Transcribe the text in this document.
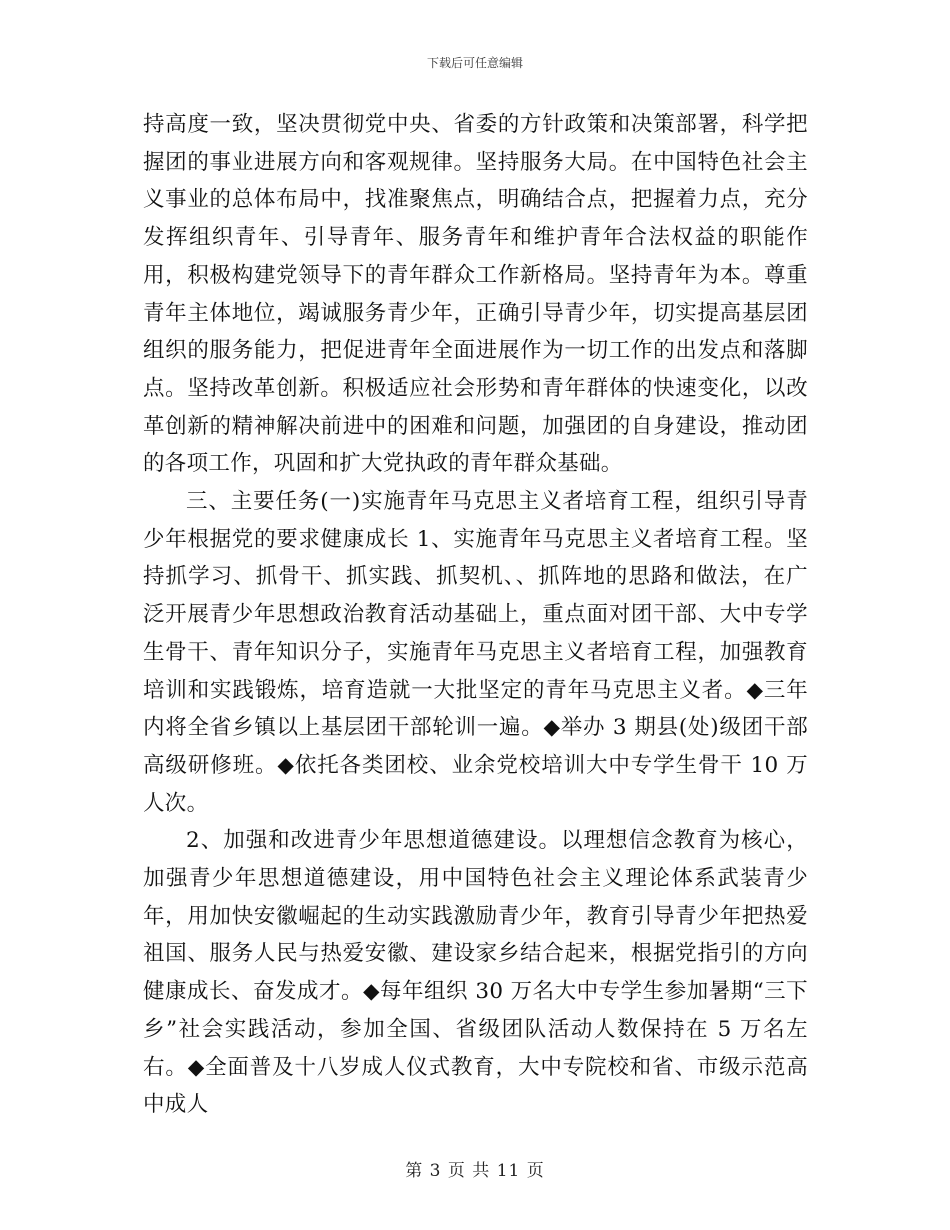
下载后可任意编辑

持高度一致，坚决贯彻党中央、省委的方针政策和决策部署，科学把握团的事业进展方向和客观规律。坚持服务大局。在中国特色社会主义事业的总体布局中，找准聚焦点，明确结合点，把握着力点，充分发挥组织青年、引导青年、服务青年和维护青年合法权益的职能作用，积极构建党领导下的青年群众工作新格局。坚持青年为本。尊重青年主体地位，竭诚服务青少年，正确引导青少年，切实提高基层团组织的服务能力，把促进青年全面进展作为一切工作的出发点和落脚点。坚持改革创新。积极适应社会形势和青年群体的快速变化，以改革创新的精神解决前进中的困难和问题，加强团的自身建设，推动团的各项工作，巩固和扩大党执政的青年群众基础。

三、主要任务(一)实施青年马克思主义者培育工程，组织引导青少年根据党的要求健康成长 1、实施青年马克思主义者培育工程。坚持抓学习、抓骨干、抓实践、抓契机、、抓阵地的思路和做法，在广泛开展青少年思想政治教育活动基础上，重点面对团干部、大中专学生骨干、青年知识分子，实施青年马克思主义者培育工程，加强教育培训和实践锻炼，培育造就一大批坚定的青年马克思主义者。◆三年内将全省乡镇以上基层团干部轮训一遍。◆举办 3 期县(处)级团干部高级研修班。◆依托各类团校、业余党校培训大中专学生骨干 10 万人次。

2、加强和改进青少年思想道德建设。以理想信念教育为核心，加强青少年思想道德建设，用中国特色社会主义理论体系武装青少年，用加快安徽崛起的生动实践激励青少年，教育引导青少年把热爱祖国、服务人民与热爱安徽、建设家乡结合起来，根据党指引的方向健康成长、奋发成才。◆每年组织 30 万名大中专学生参加暑期“三下乡”社会实践活动，参加全国、省级团队活动人数保持在 5 万名左右。◆全面普及十八岁成人仪式教育，大中专院校和省、市级示范高中成人

第 3 页 共 11 页
